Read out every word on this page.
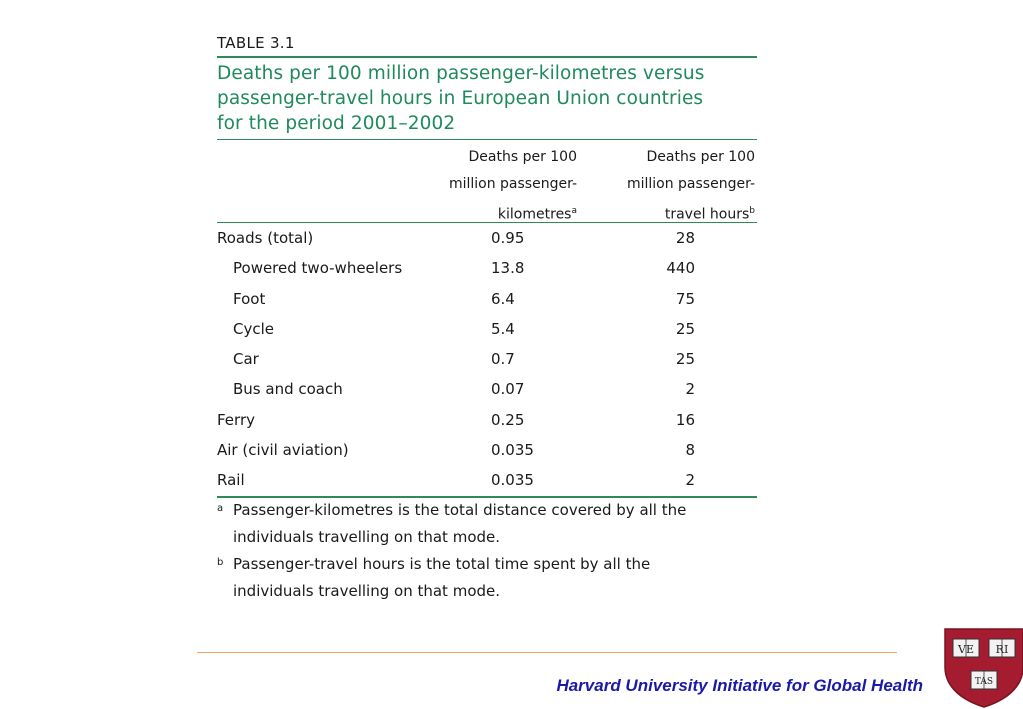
TABLE 3.1
Deaths per 100 million passenger-kilometres versus
passenger-travel hours in European Union countries
for the period 2001–2002
Deaths per 100
million passenger-
kilometres$^a$
Deaths per 100
million passenger-
travel hours$^b$
Roads (total)	0.95	28
Powered two-wheelers	13.8	440
Foot	6.4	75
Cycle	5.4	25
Car	0.7	25
Bus and coach	0.07	2
Ferry	0.25	16
Air (civil aviation)	0.035	8
Rail	0.035	2
a Passenger-kilometres is the total distance covered by all the
individuals travelling on that mode.
b Passenger-travel hours is the total time spent by all the
individuals travelling on that mode.
Harvard University Initiative for Global Health
VE RI
TAS
